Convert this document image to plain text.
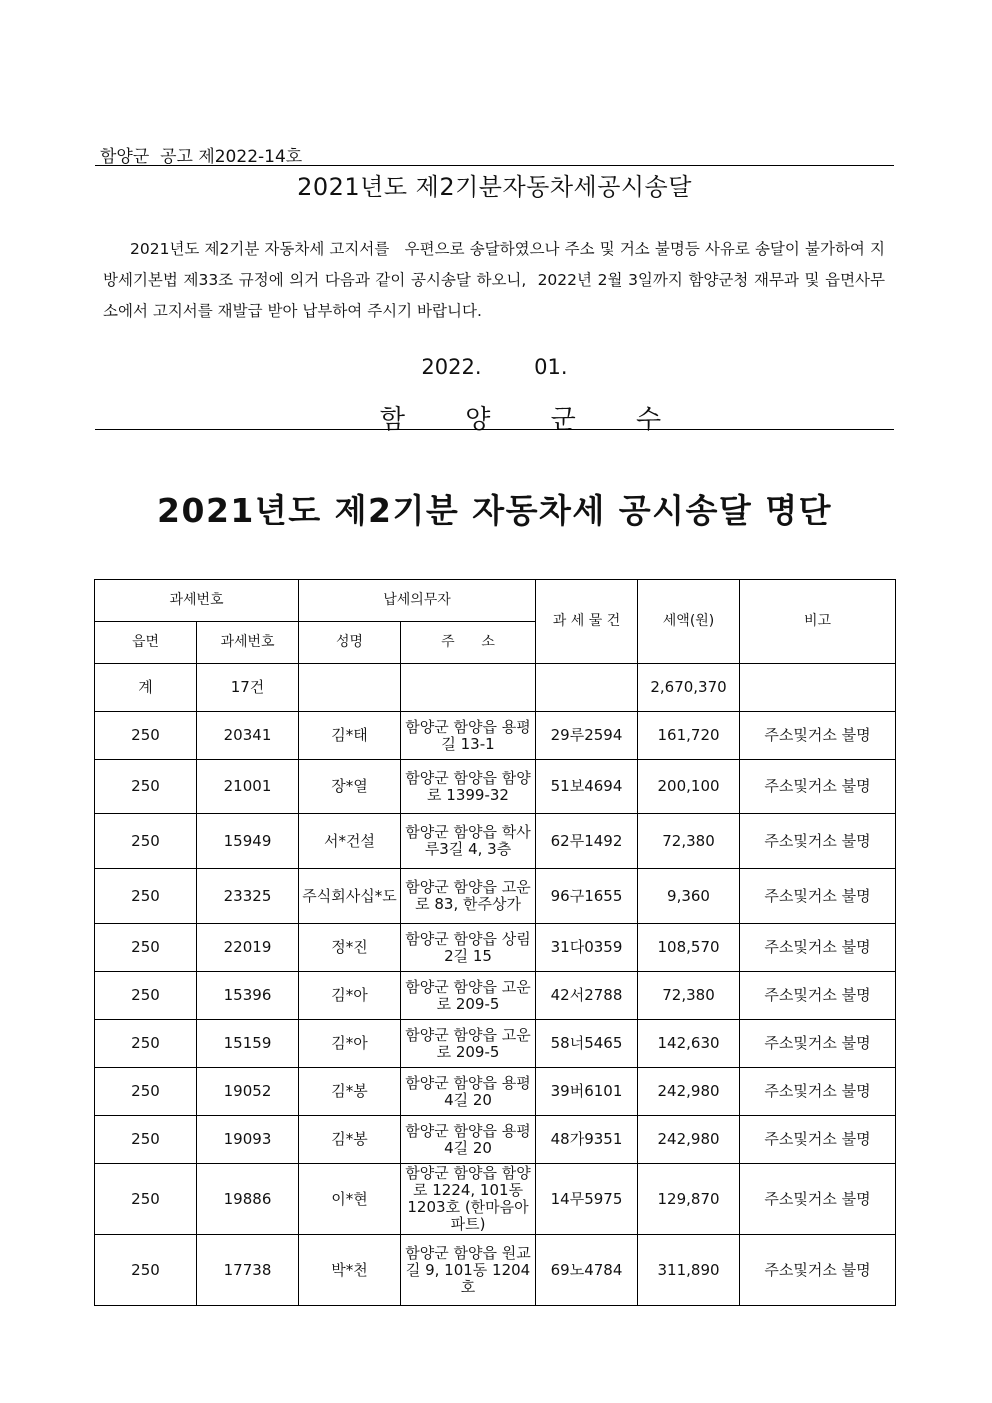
함양군  공고 제2022-14호
2021년도 제2기분자동차세공시송달

2021년도 제2기분 자동차세 고지서를   우편으로 송달하였으나 주소 및 거소 불명등 사유로 송달이 불가하여 지방세기본법 제33조 규정에 의거 다음과 같이 공시송달 하오니,  2022년 2월 3일까지 함양군청 재무과 및 읍면사무소에서 고지서를 재발급 받아 납부하여 주시기 바랍니다.

2022. 01.
함 양 군 수
2021년도 제2기분 자동차세 공시송달 명단
과세번호		납세의무자		과 세 물 건	세액(원)	비고
읍면	과세번호	성명	주      소			
계	17건				2,670,370	
250	20341	김*태	함양군 함양읍 용평길 13-1	29루2594	161,720	주소및거소 불명
250	21001	장*열	함양군 함양읍 함양로 1399-32	51보4694	200,100	주소및거소 불명
250	15949	서*건설	함양군 함양읍 학사루3길 4, 3층	62무1492	72,380	주소및거소 불명
250	23325	주식회사십*도	함양군 함양읍 고운로 83, 한주상가	96구1655	9,360	주소및거소 불명
250	22019	정*진	함양군 함양읍 상림2길 15	31다0359	108,570	주소및거소 불명
250	15396	김*아	함양군 함양읍 고운로 209-5	42서2788	72,380	주소및거소 불명
250	15159	김*아	함양군 함양읍 고운로 209-5	58너5465	142,630	주소및거소 불명
250	19052	김*봉	함양군 함양읍 용평4길 20	39버6101	242,980	주소및거소 불명
250	19093	김*봉	함양군 함양읍 용평4길 20	48가9351	242,980	주소및거소 불명
250	19886	이*현	함양군 함양읍 함양로 1224, 101동 1203호 (한마음아파트)	14무5975	129,870	주소및거소 불명
250	17738	박*천	함양군 함양읍 원교길 9, 101동 1204호	69노4784	311,890	주소및거소 불명
